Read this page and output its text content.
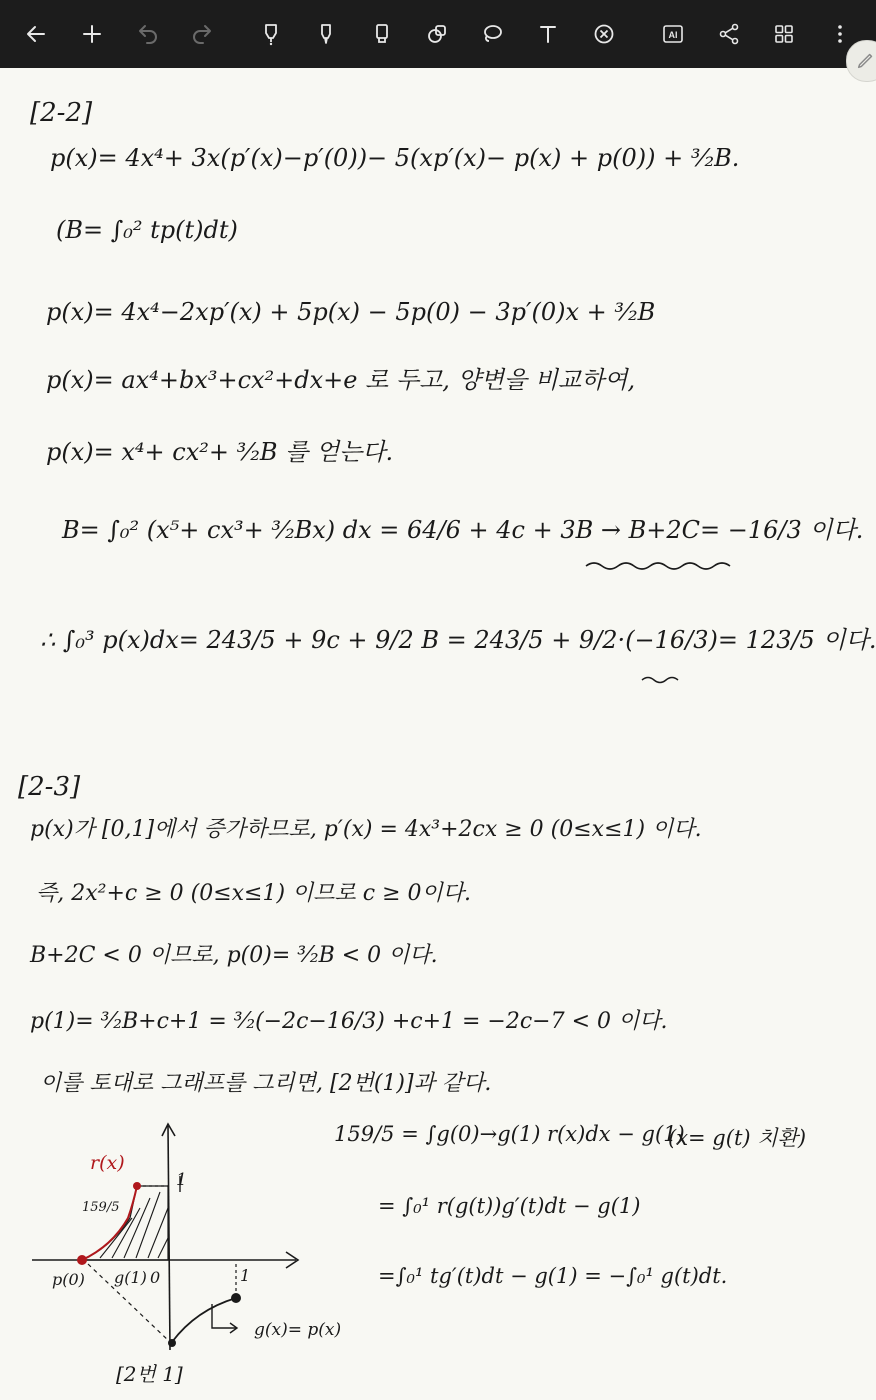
AI
[2-2]
p(x)= 4x⁴+ 3x(p′(x)−p′(0))− 5(xp′(x)− p(x) + p(0)) + ³⁄₂B.
(B= ∫₀² tp(t)dt)
p(x)= 4x⁴−2xp′(x) + 5p(x) − 5p(0) − 3p′(0)x + ³⁄₂B
p(x)= ax⁴+bx³+cx²+dx+e 로 두고, 양변을 비교하여,
p(x)= x⁴+ cx²+ ³⁄₂B 를 얻는다.
B= ∫₀² (x⁵+ cx³+ ³⁄₂Bx) dx = 64/6 + 4c + 3B → B+2C= −16/3 이다.
∴ ∫₀³ p(x)dx= 243/5 + 9c + 9/2 B = 243/5 + 9/2·(−16/3)= 123/5 이다.
[2-3]
p(x)가 [0,1]에서 증가하므로, p′(x) = 4x³+2cx ≥ 0 (0≤x≤1) 이다.
즉, 2x²+c ≥ 0 (0≤x≤1) 이므로 c ≥ 0이다.
B+2C < 0 이므로, p(0)= ³⁄₂B < 0 이다.
p(1)= ³⁄₂B+c+1 = ³⁄₂(−2c−16/3) +c+1 = −2c−7 < 0 이다.
이를 토대로 그래프를 그리면, [2번(1)]과 같다.
159/5 = ∫g(0)→g(1) r(x)dx − g(1)
(x= g(t) 치환)
= ∫₀¹ r(g(t))g′(t)dt − g(1)
=∫₀¹ tg′(t)dt − g(1) = −∫₀¹ g(t)dt.
r(x)
159/5
1
p(0) g(1) 0	1
g(x)= p(x)
[2번 1]
